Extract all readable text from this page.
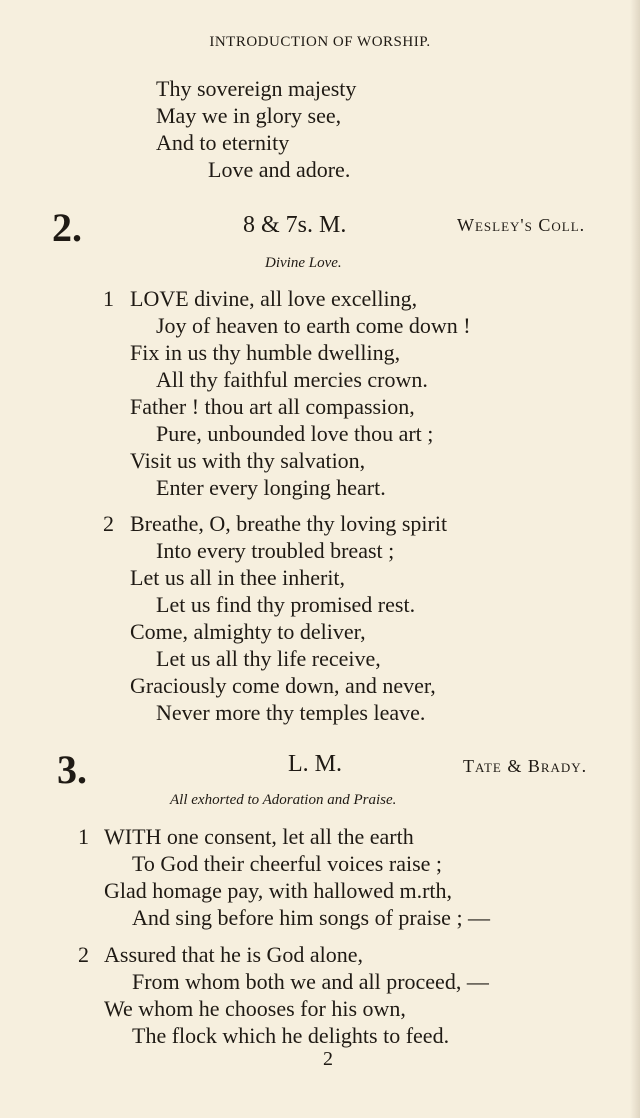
INTRODUCTION OF WORSHIP.
Thy sovereign majesty
May we in glory see,
And to eternity
Love and adore.
2.	8 & 7s. M.	Wesley's Coll.
Divine Love.
1 LOVE divine, all love excelling,
Joy of heaven to earth come down !
Fix in us thy humble dwelling,
All thy faithful mercies crown.
Father ! thou art all compassion,
Pure, unbounded love thou art ;
Visit us with thy salvation,
Enter every longing heart.
2 Breathe, O, breathe thy loving spirit
Into every troubled breast ;
Let us all in thee inherit,
Let us find thy promised rest.
Come, almighty to deliver,
Let us all thy life receive,
Graciously come down, and never,
Never more thy temples leave.
3.	L. M.	Tate & Brady.
All exhorted to Adoration and Praise.
1 WITH one consent, let all the earth
To God their cheerful voices raise ;
Glad homage pay, with hallowed m.rth,
And sing before him songs of praise ; —
2 Assured that he is God alone,
From whom both we and all proceed, —
We whom he chooses for his own,
The flock which he delights to feed.
2
